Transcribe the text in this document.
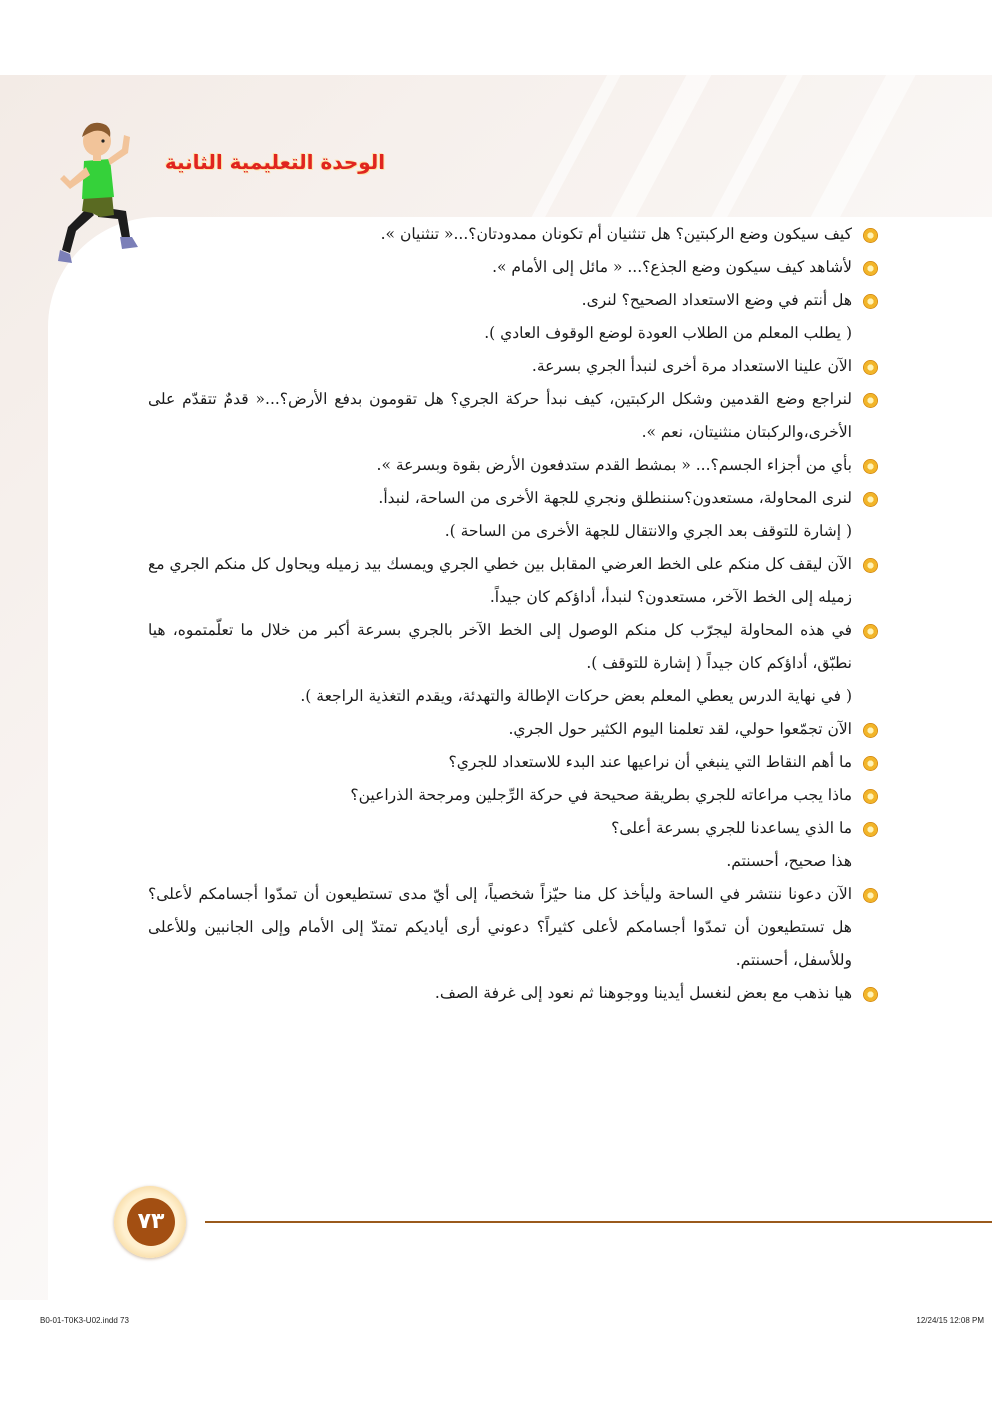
الوحدة التعليمية الثانية

كيف سيكون وضع الركبتين؟ هل تنثنيان أم تكونان ممدودتان؟...« تنثنيان ».

لأشاهد كيف سيكون وضع الجذع؟... « مائل إلى الأمام ».

هل أنتم في وضع الاستعداد الصحيح؟ لنرى.

( يطلب المعلم من الطلاب العودة لوضع الوقوف العادي ).

الآن علينا الاستعداد مرة أخرى لنبدأ الجري بسرعة.

لنراجع وضع القدمين وشكل الركبتين، كيف نبدأ حركة الجري؟ هل تقومون بدفع الأرض؟...« قدمٌ تتقدّم على الأخرى،والركبتان منثنيتان، نعم ».

بأي من أجزاء الجسم؟... « بمشط القدم ستدفعون الأرض بقوة وبسرعة ».

لنرى المحاولة، مستعدون؟سننطلق ونجري للجهة الأخرى من الساحة، لنبدأ.

( إشارة للتوقف بعد الجري والانتقال للجهة الأخرى من الساحة ).

الآن ليقف كل منكم على الخط العرضي المقابل بين خطي الجري ويمسك بيد زميله ويحاول كل منكم الجري مع زميله إلى الخط الآخر، مستعدون؟ لنبدأ، أداؤكم كان جيداً.

في هذه المحاولة ليجرّب كل منكم الوصول إلى الخط الآخر بالجري بسرعة أكبر من خلال ما تعلّمتموه، هيا نطبّق، أداؤكم كان جيداً ( إشارة للتوقف ).

( في نهاية الدرس يعطي المعلم بعض حركات الإطالة والتهدئة، ويقدم التغذية الراجعة ).

الآن تجمّعوا حولي، لقد تعلمنا اليوم الكثير حول الجري.

ما أهم النقاط التي ينبغي أن نراعيها عند البدء للاستعداد للجري؟

ماذا يجب مراعاته للجري بطريقة صحيحة في حركة الرِّجلين ومرجحة الذراعين؟

ما الذي يساعدنا للجري بسرعة أعلى؟

هذا صحيح، أحسنتم.

الآن دعونا ننتشر في الساحة وليأخذ كل منا حيّزاً شخصياً، إلى أيّ مدى تستطيعون أن تمدّوا أجسامكم لأعلى؟ هل تستطيعون أن تمدّوا أجسامكم لأعلى كثيراً؟ دعوني أرى أياديكم تمتدّ إلى الأمام وإلى الجانبين وللأعلى وللأسفل، أحسنتم.

هيا نذهب مع بعض لنغسل أيدينا ووجوهنا ثم نعود إلى غرفة الصف.

٧٣
B0-01-T0K3-U02.indd 73	12/24/15 12:08 PM
